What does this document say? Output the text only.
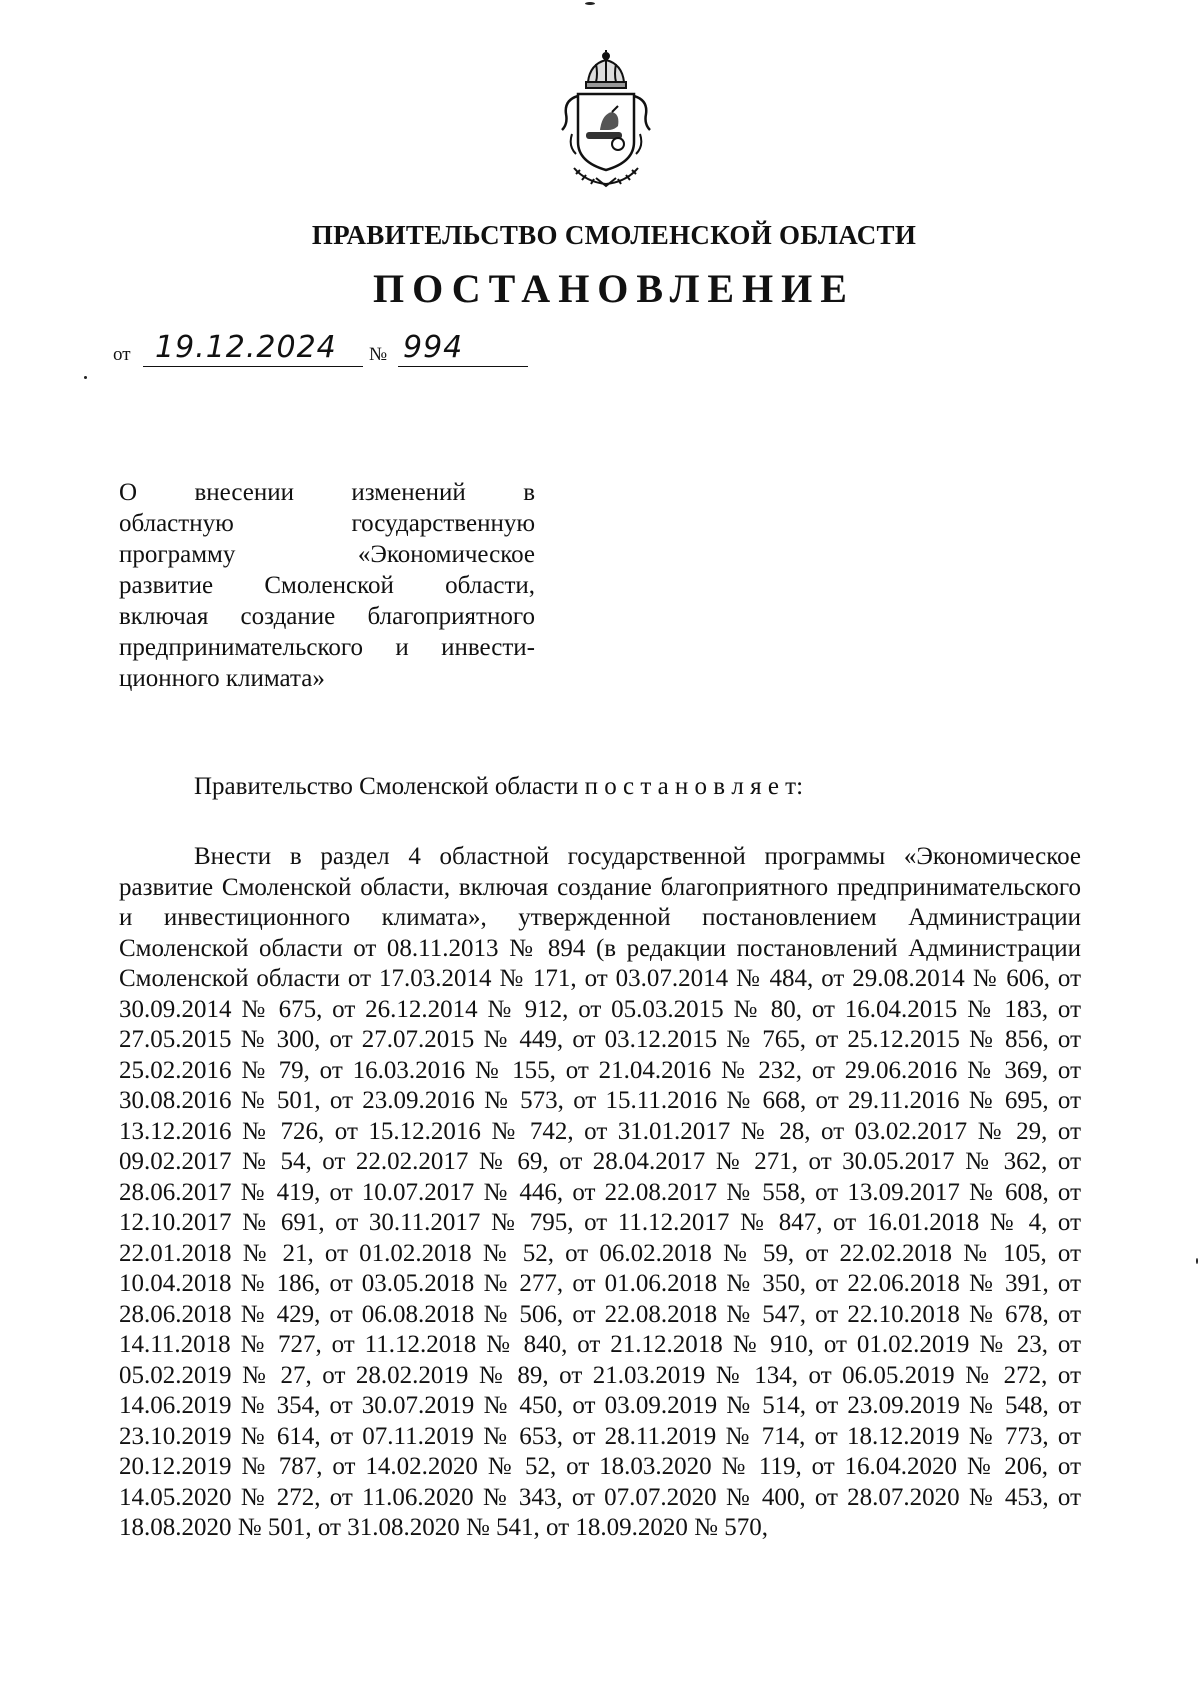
ПРАВИТЕЛЬСТВО СМОЛЕНСКОЙ ОБЛАСТИ
ПОСТАНОВЛЕНИЕ
от 19.12.2024 № 994
О внесении изменений в
областную государственную
программу «Экономическое
развитие Смоленской области,
включая создание благоприятного
предпринимательского и инвести-
ционного климата»
Правительство Смоленской области п о с т а н о в л я е т:

Внести в раздел 4 областной государственной программы «Экономическое развитие Смоленской области, включая создание благоприятного предпринимательского и инвестиционного климата», утвержденной постановлением Администрации Смоленской области от 08.11.2013 № 894 (в редакции постановлений Администрации Смоленской области от 17.03.2014 № 171, от 03.07.2014 № 484, от 29.08.2014 № 606, от 30.09.2014 № 675, от 26.12.2014 № 912, от 05.03.2015 № 80, от 16.04.2015 № 183, от 27.05.2015 № 300, от 27.07.2015 № 449, от 03.12.2015 № 765, от 25.12.2015 № 856, от 25.02.2016 № 79, от 16.03.2016 № 155, от 21.04.2016 № 232, от 29.06.2016 № 369, от 30.08.2016 № 501, от 23.09.2016 № 573, от 15.11.2016 № 668, от 29.11.2016 № 695, от 13.12.2016 № 726, от 15.12.2016 № 742, от 31.01.2017 № 28, от 03.02.2017 № 29, от 09.02.2017 № 54, от 22.02.2017 № 69, от 28.04.2017 № 271, от 30.05.2017 № 362, от 28.06.2017 № 419, от 10.07.2017 № 446, от 22.08.2017 № 558, от 13.09.2017 № 608, от 12.10.2017 № 691, от 30.11.2017 № 795, от 11.12.2017 № 847, от 16.01.2018 № 4, от 22.01.2018 № 21, от 01.02.2018 № 52, от 06.02.2018 № 59, от 22.02.2018 № 105, от 10.04.2018 № 186, от 03.05.2018 № 277, от 01.06.2018 № 350, от 22.06.2018 № 391, от 28.06.2018 № 429, от 06.08.2018 № 506, от 22.08.2018 № 547, от 22.10.2018 № 678, от 14.11.2018 № 727, от 11.12.2018 № 840, от 21.12.2018 № 910, от 01.02.2019 № 23, от 05.02.2019 № 27, от 28.02.2019 № 89, от 21.03.2019 № 134, от 06.05.2019 № 272, от 14.06.2019 № 354, от 30.07.2019 № 450, от 03.09.2019 № 514, от 23.09.2019 № 548, от 23.10.2019 № 614, от 07.11.2019 № 653, от 28.11.2019 № 714, от 18.12.2019 № 773, от 20.12.2019 № 787, от 14.02.2020 № 52, от 18.03.2020 № 119, от 16.04.2020 № 206, от 14.05.2020 № 272, от 11.06.2020 № 343, от 07.07.2020 № 400, от 28.07.2020 № 453, от 18.08.2020 № 501, от 31.08.2020 № 541, от 18.09.2020 № 570,
